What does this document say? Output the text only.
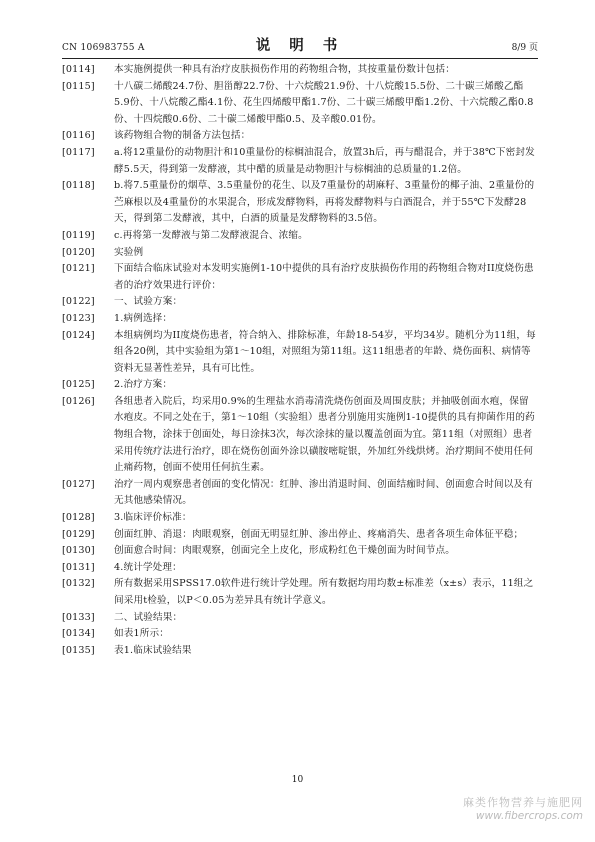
CN 106983755 A	说 明 书	8/9 页
[0114] 本实施例提供一种具有治疗皮肤损伤作用的药物组合物，其按重量份数计包括：
[0115] 十八碳二烯酸24.7份、胆甾醇22.7份、十六烷酸21.9份、十八烷酸15.5份、二十碳三烯酸乙酯5.9份、十八烷酸乙酯4.1份、花生四烯酸甲酯1.7份、二十碳三烯酸甲酯1.2份、十六烷酸乙酯0.8份、十四烷酸0.6份、二十碳二烯酸甲酯0.5、及辛酸0.01份。
[0116] 该药物组合物的制备方法包括：
[0117] a.将12重量份的动物胆汁和10重量份的棕榈油混合，放置3h后，再与醋混合，并于38℃下密封发酵5.5天，得到第一发酵液，其中醋的质量是动物胆汁与棕榈油的总质量的1.2倍。
[0118] b.将7.5重量份的烟草、3.5重量份的花生、以及7重量份的胡麻籽、3重量份的椰子油、2重量份的苎麻根以及4重量份的水果混合，形成发酵物料，再将发酵物料与白酒混合，并于55℃下发酵28天，得到第二发酵液，其中，白酒的质量是发酵物料的3.5倍。
[0119] c.再将第一发酵液与第二发酵液混合、浓缩。
[0120] 实验例
[0121] 下面结合临床试验对本发明实施例1-10中提供的具有治疗皮肤损伤作用的药物组合物对II度烧伤患者的治疗效果进行评价：
[0122] 一、试验方案：
[0123] 1.病例选择：
[0124] 本组病例均为II度烧伤患者，符合纳入、排除标准，年龄18-54岁，平均34岁。随机分为11组，每组各20例，其中实验组为第1～10组，对照组为第11组。这11组患者的年龄、烧伤面积、病情等资料无显著性差异，具有可比性。
[0125] 2.治疗方案：
[0126] 各组患者入院后，均采用0.9%的生理盐水消毒清洗烧伤创面及周围皮肤；并抽吸创面水疱，保留水疱皮。不同之处在于，第1～10组（实验组）患者分别施用实施例1-10提供的具有抑菌作用的药物组合物，涂抹于创面处，每日涂抹3次，每次涂抹的量以覆盖创面为宜。第11组（对照组）患者采用传统疗法进行治疗，即在烧伤创面外涂以磺胺嘧啶银，外加红外线烘烤。治疗期间不使用任何止痛药物，创面不使用任何抗生素。
[0127] 治疗一周内观察患者创面的变化情况：红肿、渗出消退时间、创面结痂时间、创面愈合时间以及有无其他感染情况。
[0128] 3.临床评价标准：
[0129] 创面红肿、消退：肉眼观察，创面无明显红肿、渗出停止、疼痛消失、患者各项生命体征平稳；
[0130] 创面愈合时间：肉眼观察，创面完全上皮化，形成粉红色干燥创面为时间节点。
[0131] 4.统计学处理：
[0132] 所有数据采用SPSS17.0软件进行统计学处理。所有数据均用均数±标准差（x±s）表示，11组之间采用t检验，以P＜0.05为差异具有统计学意义。
[0133] 二、试验结果：
[0134] 如表1所示：
[0135] 表1.临床试验结果
10
麻类作物营养与施肥网
www.fibercrops.com
